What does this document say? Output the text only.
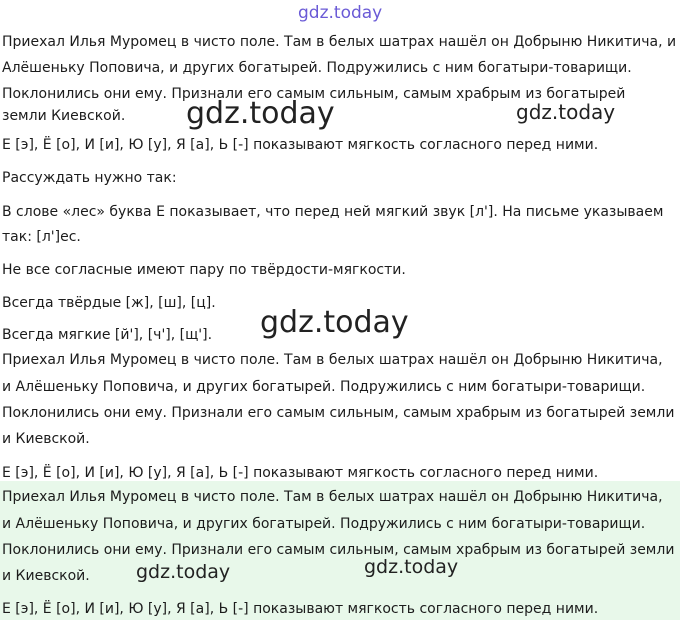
gdz.today
Приехал Илья Муромец в чисто поле. Там в белых шатрах нашёл он Добрыню Никитича, и
Алёшеньку Поповича, и других богатырей. Подружились с ним богатыри-товарищи.
Поклонились они ему. Признали его самым сильным, самым храбрым из богатырей
земли Киевской. gdz.today	gdz.today
Е [э], Ё [о], И [и], Ю [у], Я [а], Ь [-] показывают мягкость согласного перед ними.
Рассуждать нужно так:
В слове «лес» буква Е показывает, что перед ней мягкий звук [л']. На письме указываем
так: [л']ес.
Не все согласные имеют пару по твёрдости-мягкости.
Всегда твёрдые [ж], [ш], [ц].
gdz.today
Всегда мягкие [й'], [ч'], [щ'].
Приехал Илья Муромец в чисто поле. Там в белых шатрах нашёл он Добрыню Никитича,
и Алёшеньку Поповича, и других богатырей. Подружились с ним богатыри-товарищи.
Поклонились они ему. Признали его самым сильным, самым храбрым из богатырей земли
и Киевской.
Е [э], Ё [о], И [и], Ю [у], Я [а], Ь [-] показывают мягкость согласного перед ними.
Приехал Илья Муромец в чисто поле. Там в белых шатрах нашёл он Добрыню Никитича,
и Алёшеньку Поповича, и других богатырей. Подружились с ним богатыри-товарищи.
Поклонились они ему. Признали его самым сильным, самым храбрым из богатырей земли
и Киевской. gdz.today	gdz.today
Е [э], Ё [о], И [и], Ю [у], Я [а], Ь [-] показывают мягкость согласного перед ними.
